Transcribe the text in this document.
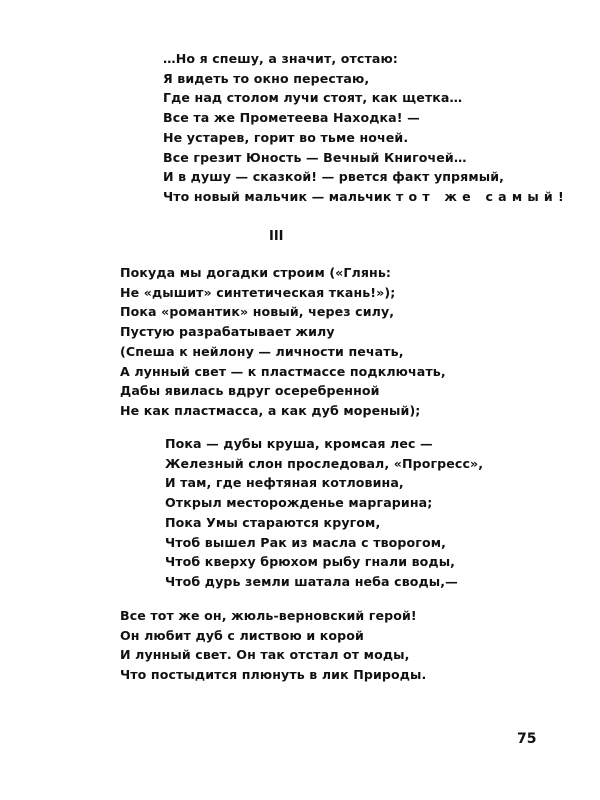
…Но я спешу, а значит, отстаю:
Я видеть то окно перестаю,
Где над столом лучи стоят, как щетка…
Все та же Прометеева Находка! —
Не устарев, горит во тьме ночей.
Все грезит Юность — Вечный Книгочей…
И в душу — сказкой! — рвется факт упрямый,
Что новый мальчик — мальчик тот же самый!
III
Покуда мы догадки строим («Глянь:
Не «дышит» синтетическая ткань!»);
Пока «романтик» новый, через силу,
Пустую разрабатывает жилу
(Спеша к нейлону — личности печать,
А лунный свет — к пластмассе подключать,
Дабы явилась вдруг осеребренной
Не как пластмасса, а как дуб мореный);
Пока — дубы круша, кромсая лес —
Железный слон проследовал, «Прогресс»,
И там, где нефтяная котловина,
Открыл месторожденье маргарина;
Пока Умы стараются кругом,
Чтоб вышел Рак из масла с творогом,
Чтоб кверху брюхом рыбу гнали воды,
Чтоб дурь земли шатала неба своды,—
Все тот же он, жюль-верновский герой!
Он любит дуб с листвою и корой
И лунный свет. Он так отстал от моды,
Что постыдится плюнуть в лик Природы.
75
